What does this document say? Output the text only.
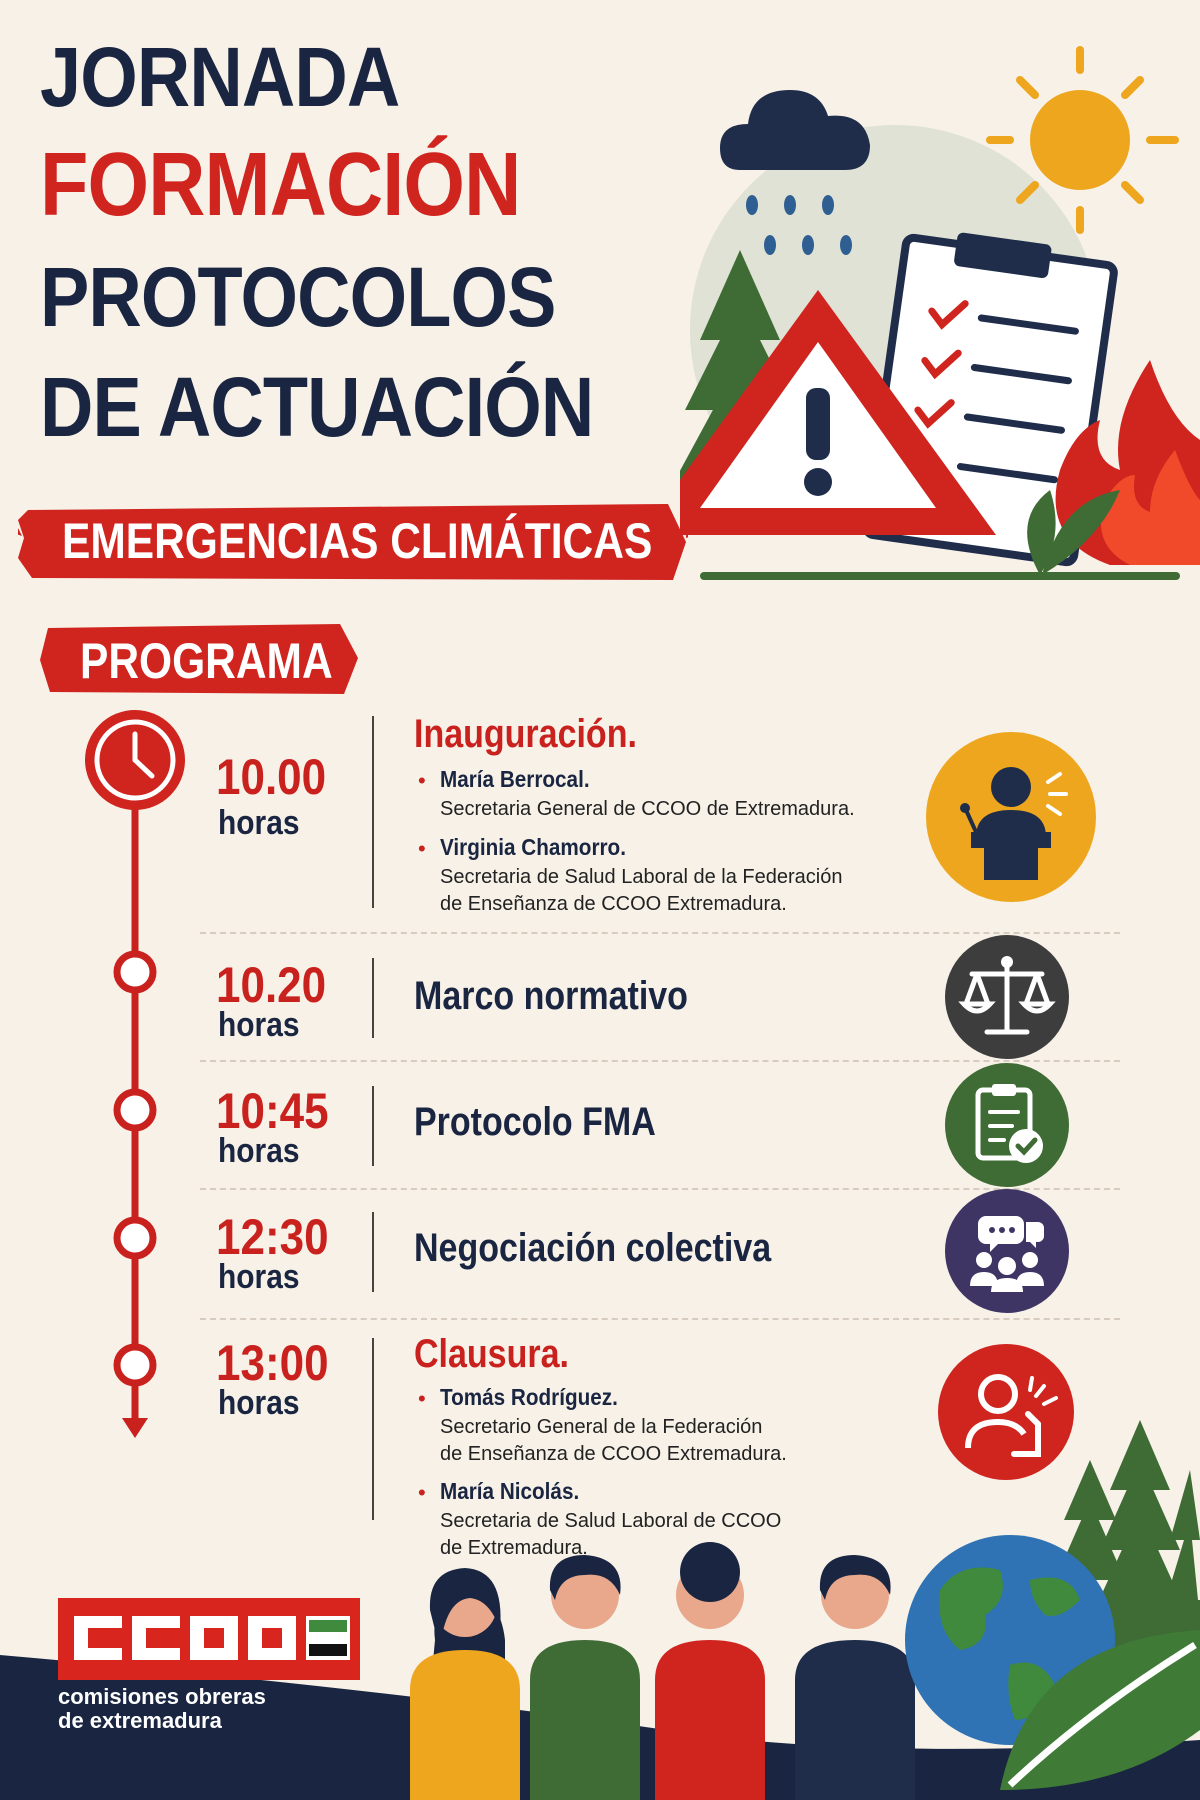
JORNADA
FORMACIÓN
PROTOCOLOS
DE ACTUACIÓN
EMERGENCIAS CLIMÁTICAS
PROGRAMA
10.00
horas
Inauguración.
• María Berrocal.
Secretaria General de CCOO de Extremadura.
• Virginia Chamorro.
Secretaria de Salud Laboral de la Federación
de Enseñanza de CCOO Extremadura.
10.20
horas
Marco normativo
10:45
horas
Protocolo FMA
12:30
horas
Negociación colectiva
13:00
horas
Clausura.
• Tomás Rodríguez.
Secretario General de la Federación
de Enseñanza de CCOO Extremadura.
• María Nicolás.
Secretaria de Salud Laboral de CCOO
de Extremadura.
comisiones obreras
de extremadura
